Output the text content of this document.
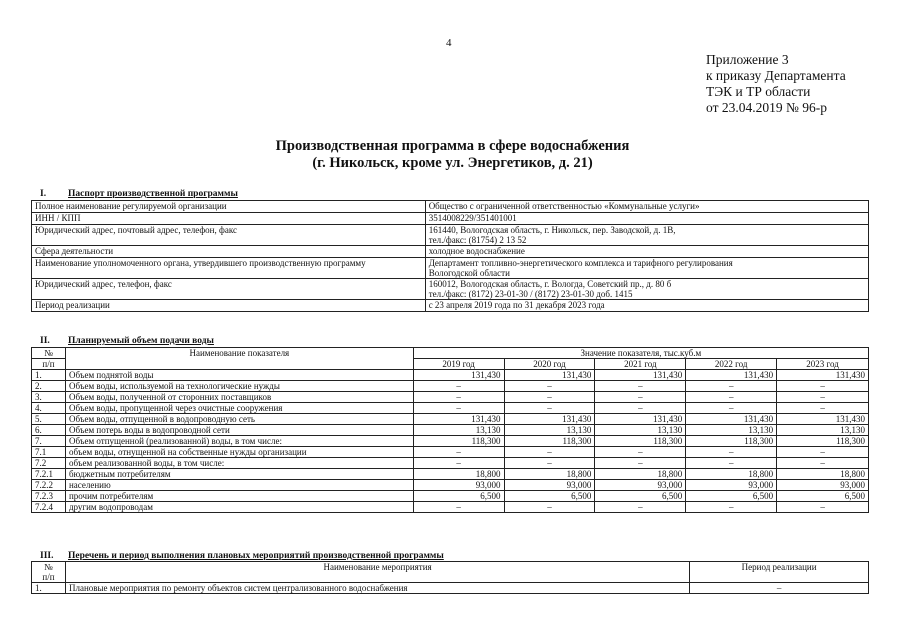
4
Приложение 3
к приказу Департамента
ТЭК и ТР области
от 23.04.2019 № 96-р
Производственная программа в сфере водоснабжения
(г. Никольск, кроме ул. Энергетиков, д. 21)
I. Паспорт производственной программы
Полное наименование регулируемой организации	Общество с ограниченной ответственностью «Коммунальные услуги»

ИНН / КПП	3514008229/351401001

Юридический адрес, почтовый адрес, телефон, факс	161440, Вологодская область, г. Никольск, пер. Заводской, д. 1В,
тел./факс: (81754) 2 13 52

Сфера деятельности	холодное водоснабжение

Наименование уполномоченного органа, утвердившего производственную программу	Департамент топливно-энергетического комплекса и тарифного регулирования
Вологодской области

Юридический адрес, телефон, факс	160012, Вологодская область, г. Вологда, Советский пр., д. 80 б
тел./факс: (8172) 23-01-30 / (8172) 23-01-30 доб. 1415

Период реализации	с 23 апреля 2019 года по 31 декабря 2023 года
II. Планируемый объем подачи воды
№	Наименование показателя	Значение показателя, тыс.куб.м				
п/п		2019 год	2020 год	2021 год	2022 год	2023 год
1.	Объем поднятой воды	131,430	131,430	131,430	131,430	131,430
2.	Объем воды, используемой на технологические нужды	–	–	–	–	–
3.	Объем воды, полученной от сторонних поставщиков	–	–	–	–	–
4.	Объем воды, пропущенной через очистные сооружения	–	–	–	–	–
5.	Объем воды, отпущенной в водопроводную сеть	131,430	131,430	131,430	131,430	131,430
6.	Объем потерь воды в водопроводной сети	13,130	13,130	13,130	13,130	13,130
7.	Объем отпущенной (реализованной) воды, в том числе:	118,300	118,300	118,300	118,300	118,300
7.1	объем воды, отнущенной на собственные нужды организации	–	–	–	–	–
7.2	объем реализованной воды, в том числе:	–	–	–	–	–
7.2.1	бюджетным потребителям	18,800	18,800	18,800	18,800	18,800
7.2.2	населению	93,000	93,000	93,000	93,000	93,000
7.2.3	прочим потребителям	6,500	6,500	6,500	6,500	6,500
7.2.4	другим водопроводам	–	–	–	–	–
III. Перечень и период выполнения плановых мероприятий производственной программы
№	Наименование мероприятия	Период реализации
п/п		
1.	Плановые мероприятия по ремонту объектов систем централизованного водоснабжения	–
